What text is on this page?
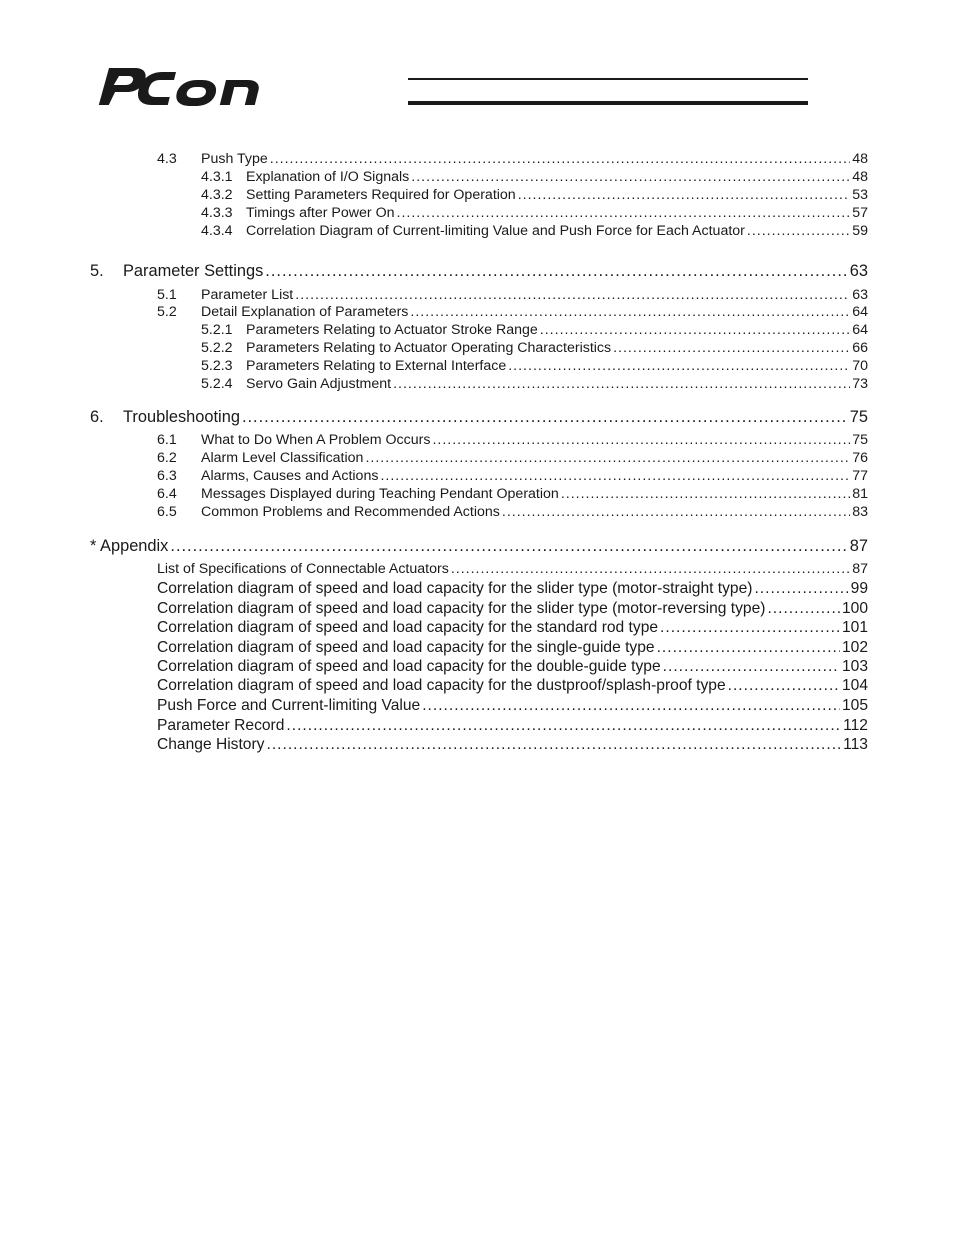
4.3	Push Type .....	48
4.3.1 Explanation of I/O Signals .....	48
4.3.2 Setting Parameters Required for Operation .....	53
4.3.3 Timings after Power On .....	57
4.3.4 Correlation Diagram of Current-limiting Value and Push Force for Each Actuator .....	59
5.	Parameter Settings .....	63
5.1	Parameter List .....	63
5.2	Detail Explanation of Parameters .....	64
5.2.1 Parameters Relating to Actuator Stroke Range .....	64
5.2.2 Parameters Relating to Actuator Operating Characteristics .....	66
5.2.3 Parameters Relating to External Interface .....	70
5.2.4 Servo Gain Adjustment .....	73
6.	Troubleshooting .....	75
6.1	What to Do When A Problem Occurs .....	75
6.2	Alarm Level Classification .....	76
6.3	Alarms, Causes and Actions .....	77
6.4	Messages Displayed during Teaching Pendant Operation .....	81
6.5	Common Problems and Recommended Actions .....	83
* Appendix .....	87
List of Specifications of Connectable Actuators .....	87
Correlation diagram of speed and load capacity for the slider type (motor-straight type) .....	99
Correlation diagram of speed and load capacity for the slider type (motor-reversing type) .....	100
Correlation diagram of speed and load capacity for the standard rod type .....	101
Correlation diagram of speed and load capacity for the single-guide type .....	102
Correlation diagram of speed and load capacity for the double-guide type .....	103
Correlation diagram of speed and load capacity for the dustproof/splash-proof type .....	104
Push Force and Current-limiting Value .....	105
Parameter Record .....	112
Change History .....	113
